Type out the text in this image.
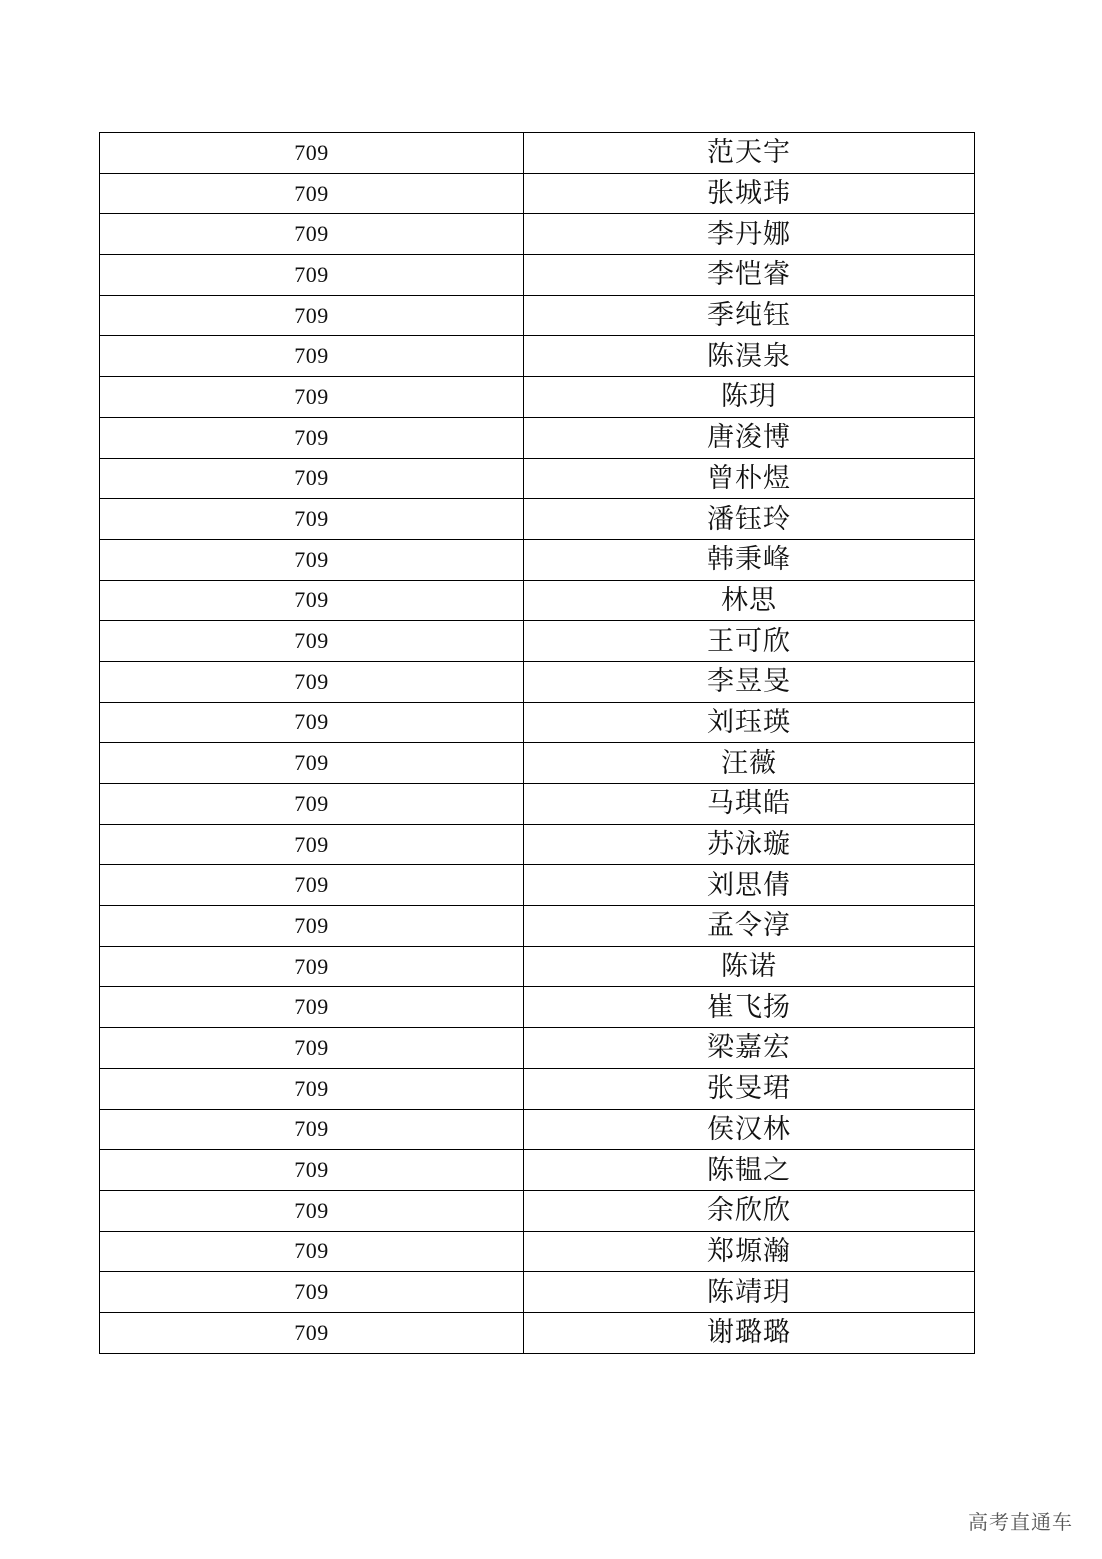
709	范天宇
709	张城玮
709	李丹娜
709	李恺睿
709	季纯钰
709	陈淏泉
709	陈玥
709	唐浚博
709	曾朴煜
709	潘钰玲
709	韩秉峰
709	林思
709	王可欣
709	李昱旻
709	刘珏瑛
709	汪薇
709	马琪皓
709	苏泳璇
709	刘思倩
709	孟令淳
709	陈诺
709	崔飞扬
709	梁嘉宏
709	张旻珺
709	侯汉林
709	陈韫之
709	余欣欣
709	郑塬瀚
709	陈靖玥
709	谢璐璐
高考直通车
